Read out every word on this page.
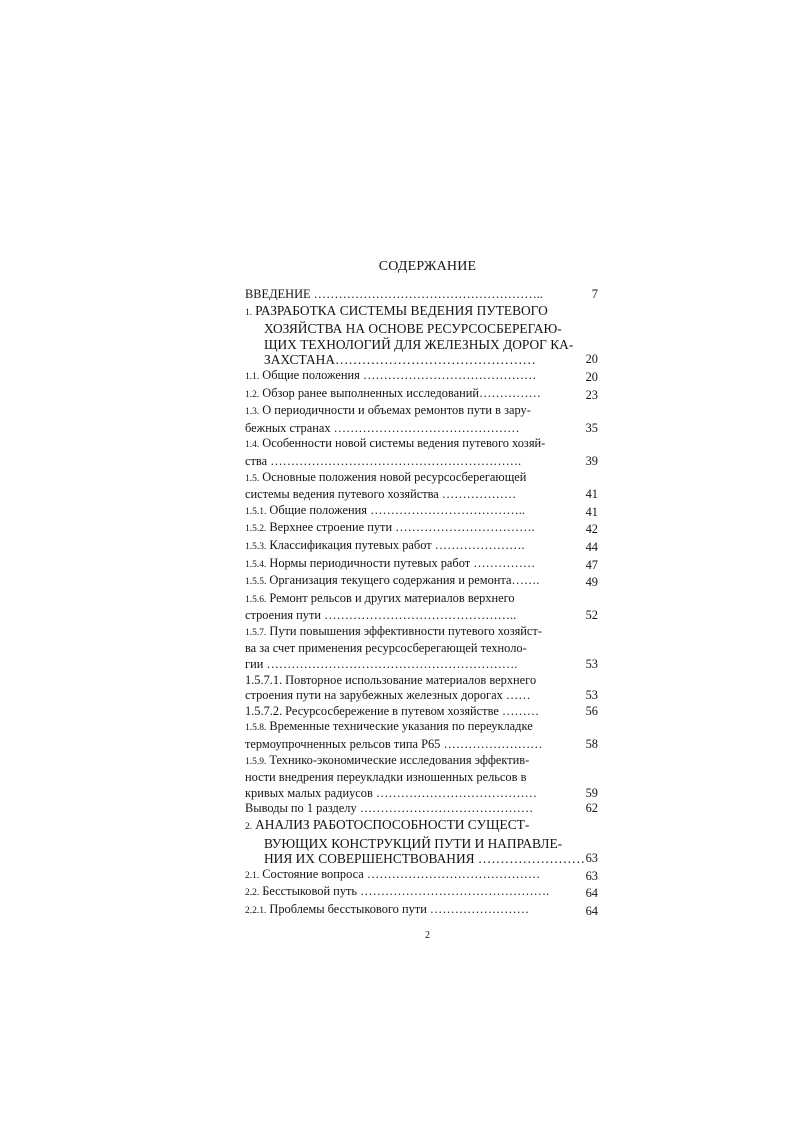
СОДЕРЖАНИЕ
ВВЕДЕНИЕ ………………………………………………..	7
1. РАЗРАБОТКА СИСТЕМЫ ВЕДЕНИЯ ПУТЕВОГО
ХОЗЯЙСТВА НА ОСНОВЕ РЕСУРСОСБЕРЕГАЮ-
ЩИХ ТЕХНОЛОГИЙ ДЛЯ ЖЕЛЕЗНЫХ ДОРОГ КА-
ЗАХСТАНА………………………………………	20
1.1. Общие положения ……………………………………	20
1.2. Обзор ранее выполненных исследований……………	23
1.3. О периодичности и объемах ремонтов пути в зару-
бежных странах ………………………………………	35
1.4. Особенности новой системы ведения путевого хозяй-
ства …………………………………………………….	39
1.5. Основные положения новой ресурсосберегающей
системы ведения путевого хозяйства ………………	41
1.5.1. Общие положения ………………………………..	41
1.5.2. Верхнее строение пути …………………………….	42
1.5.3. Классификация путевых работ ………………….	44
1.5.4. Нормы периодичности путевых работ ……………	47
1.5.5. Организация текущего содержания и ремонта…….	49
1.5.6. Ремонт рельсов и других материалов верхнего
строения пути ………………………………………..	52
1.5.7. Пути повышения эффективности путевого хозяйст-
ва за счет применения ресурсосберегающей техноло-
гии …………………………………………………….	53
1.5.7.1. Повторное использование материалов верхнего
строения пути на зарубежных железных дорогах ……	53
1.5.7.2. Ресурсосбережение в путевом хозяйстве ………	56
1.5.8. Временные технические указания по переукладке
термоупрочненных рельсов типа Р65 ……………………	58
1.5.9. Технико-экономические исследования эффектив-
ности внедрения переукладки изношенных рельсов в
кривых малых радиусов …………………………………	59
Выводы по 1 разделу ……………………………………	62
2. АНАЛИЗ РАБОТОСПОСОБНОСТИ СУЩЕСТ-
ВУЮЩИХ КОНСТРУКЦИЙ ПУТИ И НАПРАВЛЕ-
НИЯ ИХ СОВЕРШЕНСТВОВАНИЯ …………………… 63
2.1. Состояние вопроса ……………………………………	63
2.2. Бесстыковой путь ……………………………………….	64
2.2.1. Проблемы бесстыкового пути ……………………	64
2
